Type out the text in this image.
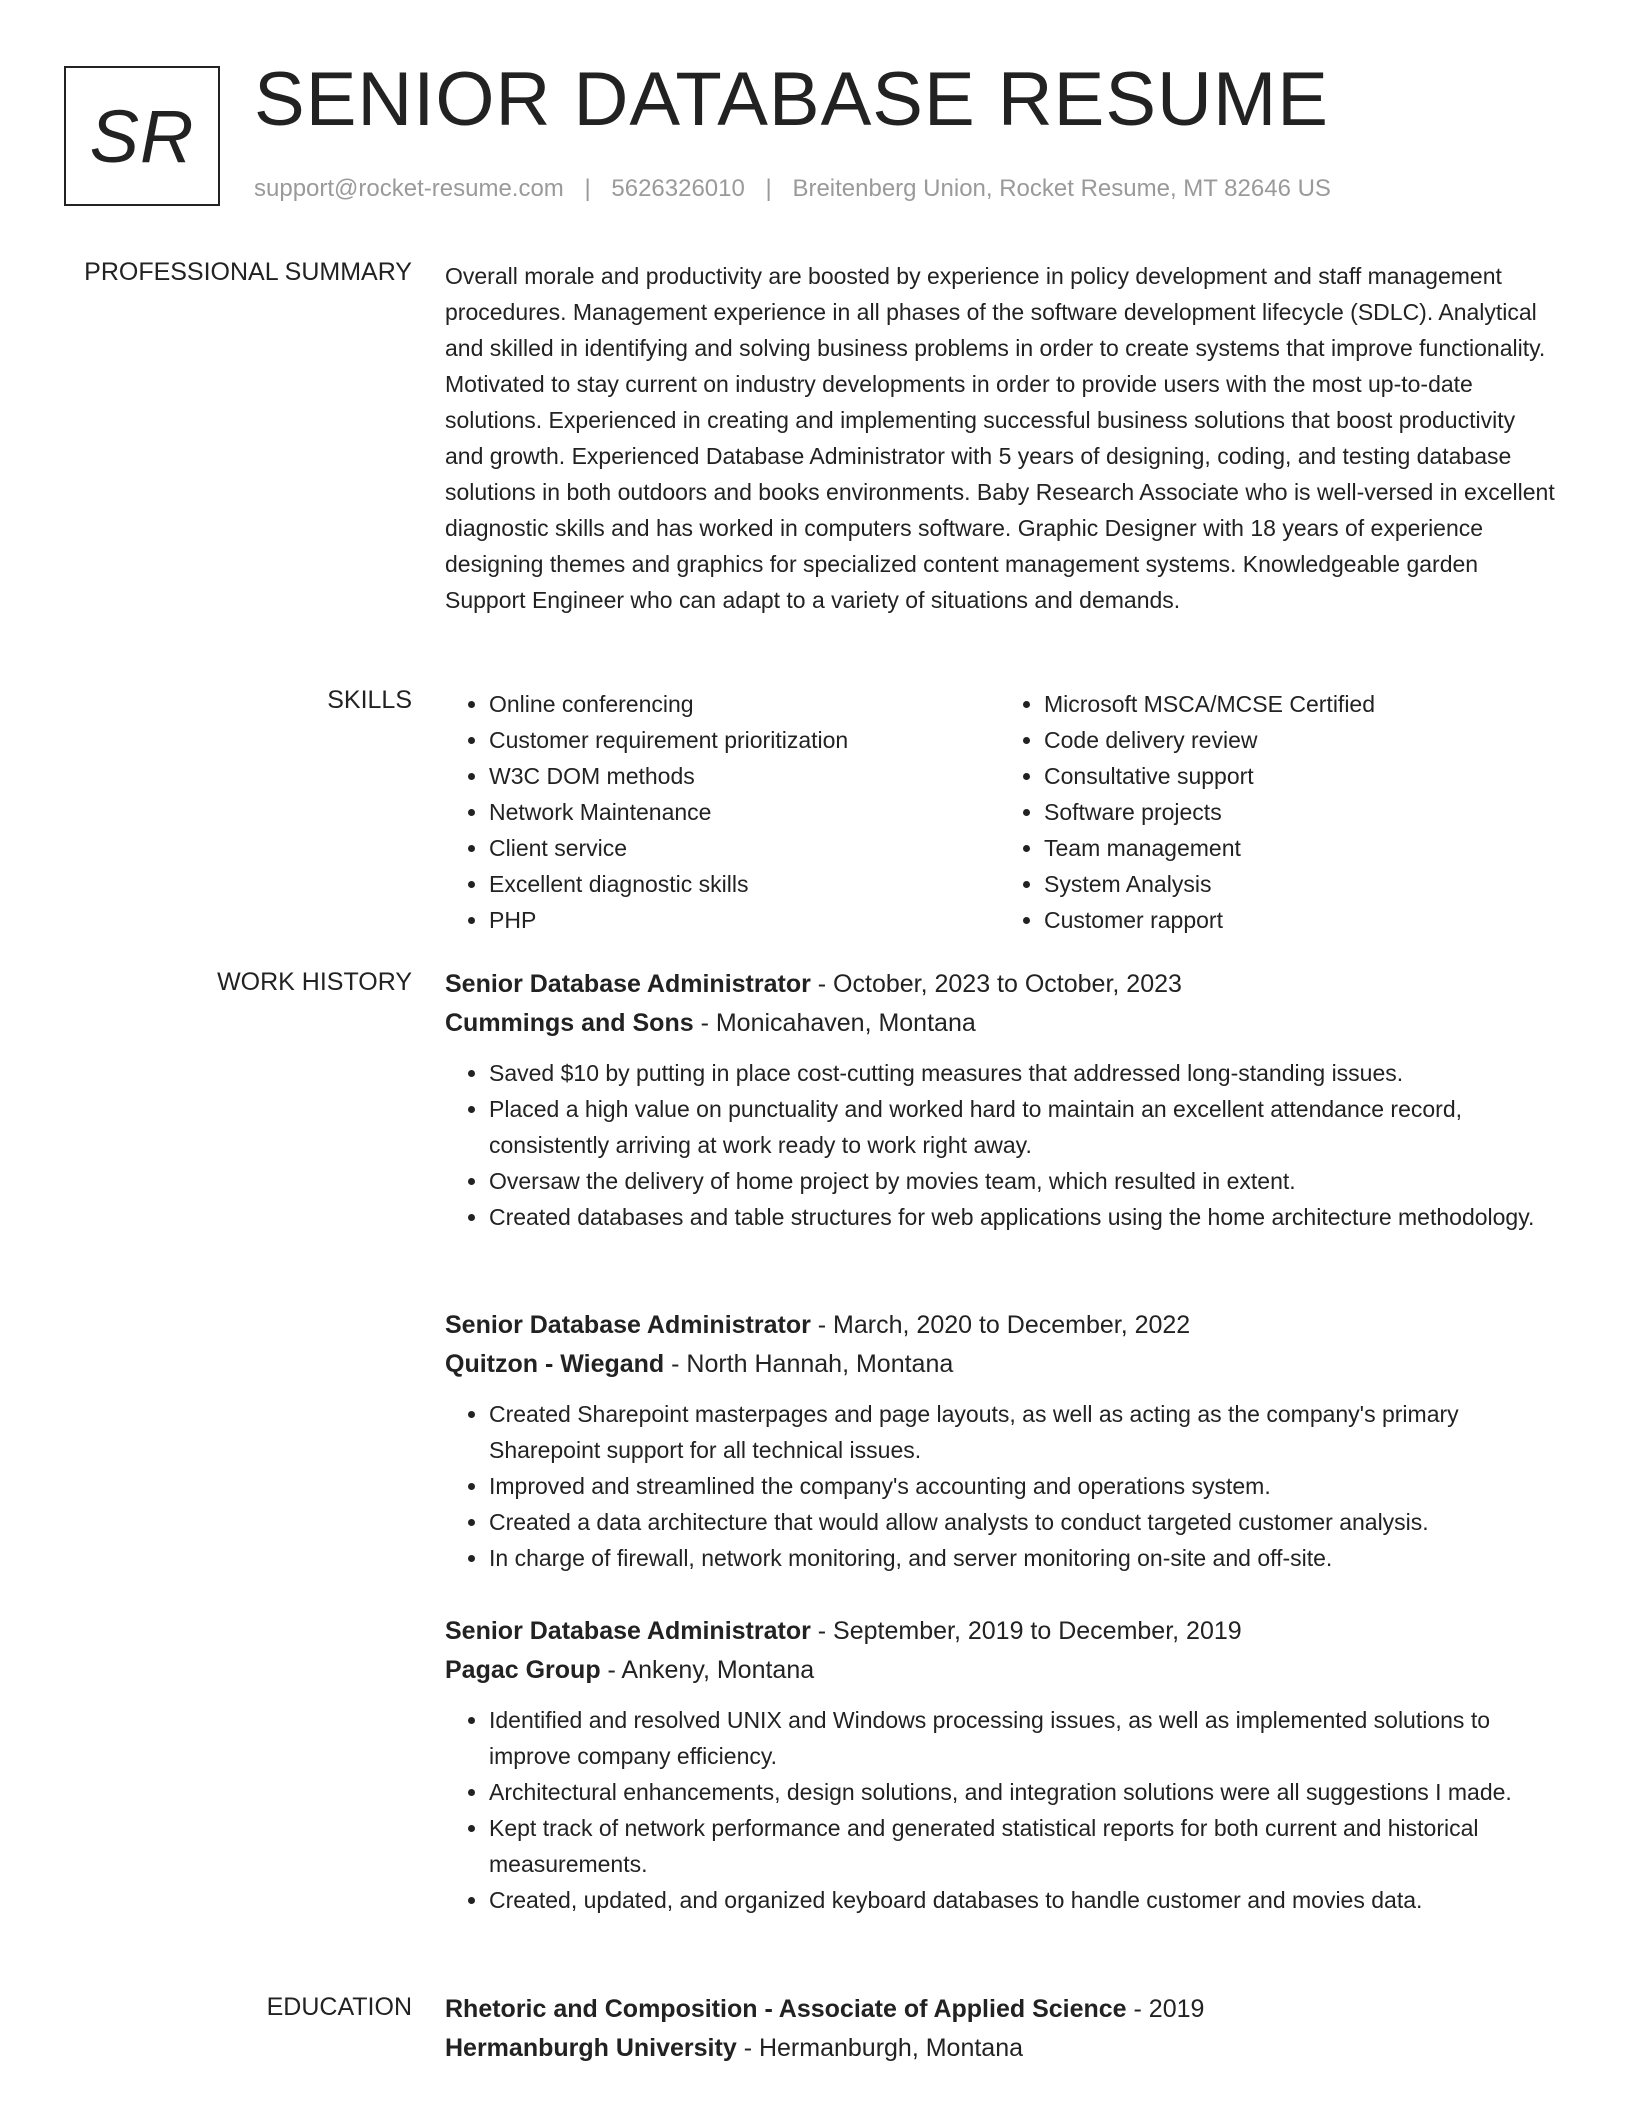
SR SENIOR DATABASE RESUME
support@rocket-resume.com | 5626326010 | Breitenberg Union, Rocket Resume, MT 82646 US
PROFESSIONAL SUMMARY Overall morale and productivity are boosted by experience in policy development and staff management procedures. Management experience in all phases of the software development lifecycle (SDLC). Analytical and skilled in identifying and solving business problems in order to create systems that improve functionality. Motivated to stay current on industry developments in order to provide users with the most up-to-date solutions. Experienced in creating and implementing successful business solutions that boost productivity and growth. Experienced Database Administrator with 5 years of designing, coding, and testing database solutions in both outdoors and books environments. Baby Research Associate who is well-versed in excellent diagnostic skills and has worked in computers software. Graphic Designer with 18 years of experience designing themes and graphics for specialized content management systems. Knowledgeable garden Support Engineer who can adapt to a variety of situations and demands.

SKILLS
•	Online conferencing
• Customer requirement prioritization
• W3C DOM methods
• Network Maintenance
• Client service
• Excellent diagnostic skills
• PHP
• Microsoft MSCA/MCSE Certified
• Code delivery review
• Consultative support
• Software projects
• Team management
• System Analysis
• Customer rapport
WORK HISTORY Senior Database Administrator - October, 2023 to October, 2023
Cummings and Sons - Monicahaven, Montana
• Saved $10 by putting in place cost-cutting measures that addressed long-standing issues.
• Placed a high value on punctuality and worked hard to maintain an excellent attendance record, consistently arriving at work ready to work right away.
• Oversaw the delivery of home project by movies team, which resulted in extent.
• Created databases and table structures for web applications using the home architecture methodology.
Senior Database Administrator - March, 2020 to December, 2022
Quitzon - Wiegand - North Hannah, Montana
• Created Sharepoint masterpages and page layouts, as well as acting as the company's primary Sharepoint support for all technical issues.
• Improved and streamlined the company's accounting and operations system.
• Created a data architecture that would allow analysts to conduct targeted customer analysis.
• In charge of firewall, network monitoring, and server monitoring on-site and off-site.
Senior Database Administrator - September, 2019 to December, 2019
Pagac Group - Ankeny, Montana
• Identified and resolved UNIX and Windows processing issues, as well as implemented solutions to improve company efficiency.
• Architectural enhancements, design solutions, and integration solutions were all suggestions I made.
• Kept track of network performance and generated statistical reports for both current and historical measurements.
• Created, updated, and organized keyboard databases to handle customer and movies data.
EDUCATION Rhetoric and Composition - Associate of Applied Science - 2019
Hermanburgh University - Hermanburgh, Montana
